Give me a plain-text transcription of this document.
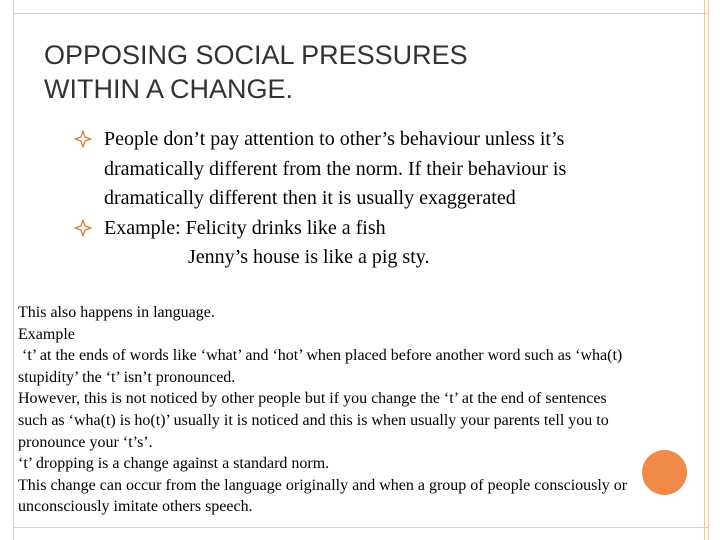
OPPOSING SOCIAL PRESSURES
WITHIN A CHANGE.
People don’t pay attention to other’s behaviour unless it’s
dramatically different from the norm. If their behaviour is
dramatically different then it is usually exaggerated
Example: Felicity drinks like a fish
Jenny’s house is like a pig sty.
This also happens in language.
Example
‘t’ at the ends of words like ‘what’ and ‘hot’ when placed before another word such as ‘wha(t)
stupidity’ the ‘t’ isn’t pronounced.
However, this is not noticed by other people but if you change the ‘t’ at the end of sentences
such as ‘wha(t) is ho(t)’ usually it is noticed and this is when usually your parents tell you to
pronounce your ‘t’s’.
‘t’ dropping is a change against a standard norm.
This change can occur from the language originally and when a group of people consciously or
unconsciously imitate others speech.
